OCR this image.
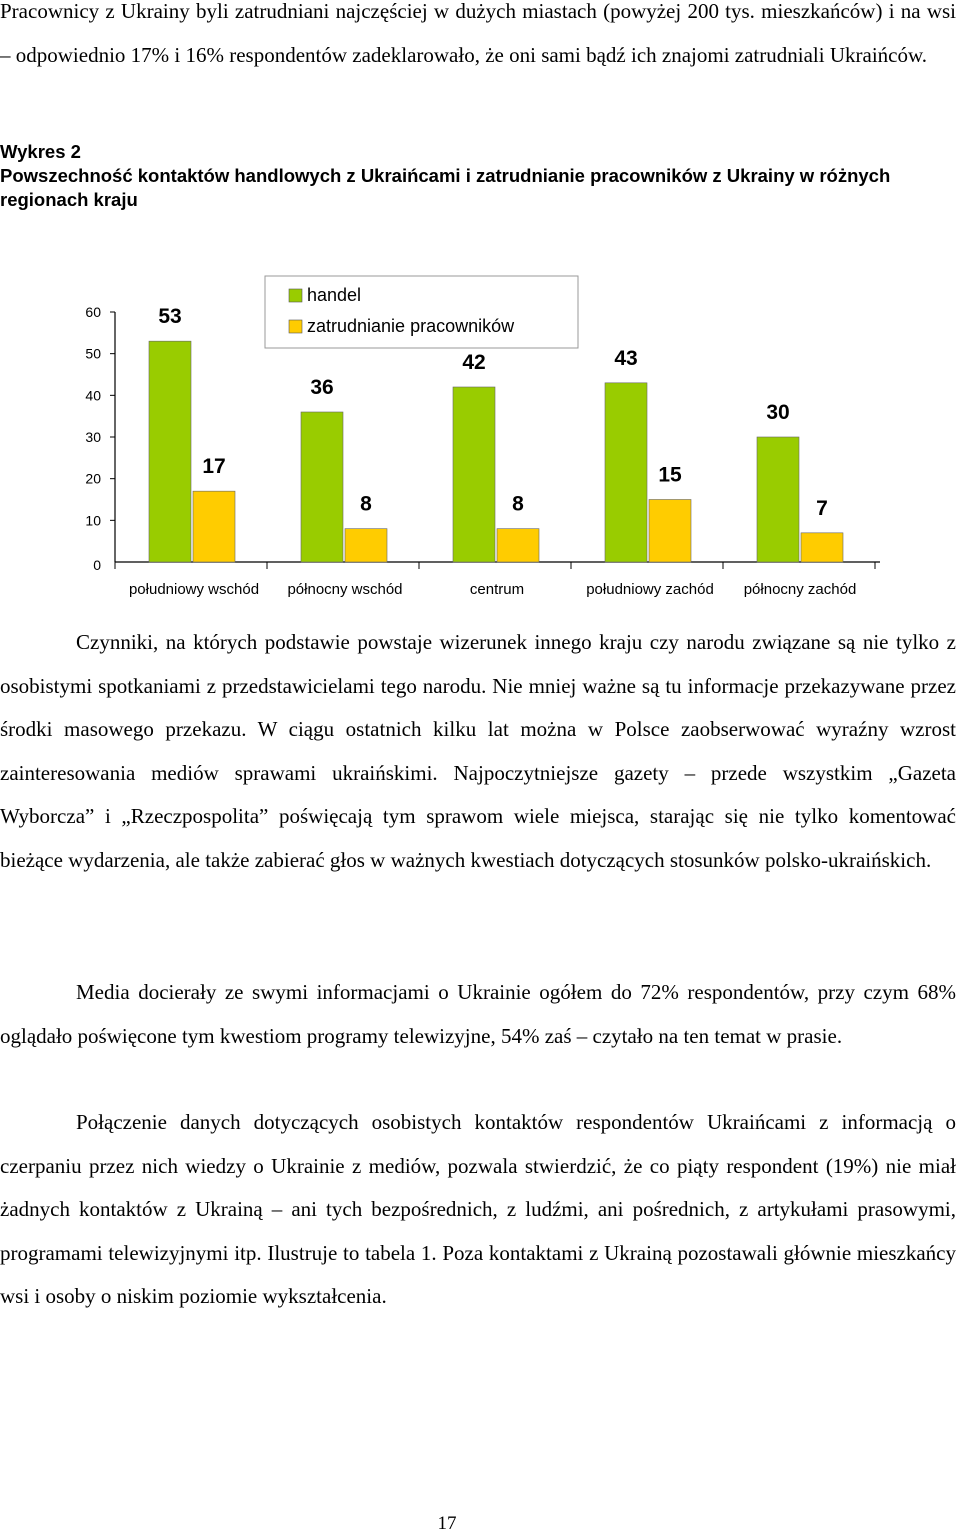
Pracownicy z Ukrainy byli zatrudniani najczęściej w dużych miastach (powyżej 200 tys. mieszkańców) i na wsi – odpowiednio 17% i 16% respondentów zadeklarowało, że oni sami bądź ich znajomi zatrudniali Ukraińców.

Wykres 2
Powszechność kontaktów handlowych z Ukraińcami i zatrudnianie pracowników z Ukrainy w różnych regionach kraju
0
10
20
30
40
50
60
południowy wschód północny wschód	centrum	południowy zachód północny zachód
53
36
42	43
30
17
8	8
15
7
handel
zatrudnianie pracowników

Czynniki, na których podstawie powstaje wizerunek innego kraju czy narodu związane są nie tylko z osobistymi spotkaniami z przedstawicielami tego narodu. Nie mniej ważne są tu informacje przekazywane przez środki masowego przekazu. W ciągu ostatnich kilku lat można w Polsce zaobserwować wyraźny wzrost zainteresowania mediów sprawami ukraińskimi. Najpoczytniejsze gazety – przede wszystkim „Gazeta Wyborcza” i „Rzeczpospolita” poświęcają tym sprawom wiele miejsca, starając się nie tylko komentować bieżące wydarzenia, ale także zabierać głos w ważnych kwestiach dotyczących stosunków polsko-ukraińskich.

Media docierały ze swymi informacjami o Ukrainie ogółem do 72% respondentów, przy czym 68% oglądało poświęcone tym kwestiom programy telewizyjne, 54% zaś – czytało na ten temat w prasie.

Połączenie danych dotyczących osobistych kontaktów respondentów Ukraińcami z informacją o czerpaniu przez nich wiedzy o Ukrainie z mediów, pozwala stwierdzić, że co piąty respondent (19%) nie miał żadnych kontaktów z Ukrainą – ani tych bezpośrednich, z ludźmi, ani pośrednich, z artykułami prasowymi, programami telewizyjnymi itp. Ilustruje to tabela 1. Poza kontaktami z Ukrainą pozostawali głównie mieszkańcy wsi i osoby o niskim poziomie wykształcenia.

17
